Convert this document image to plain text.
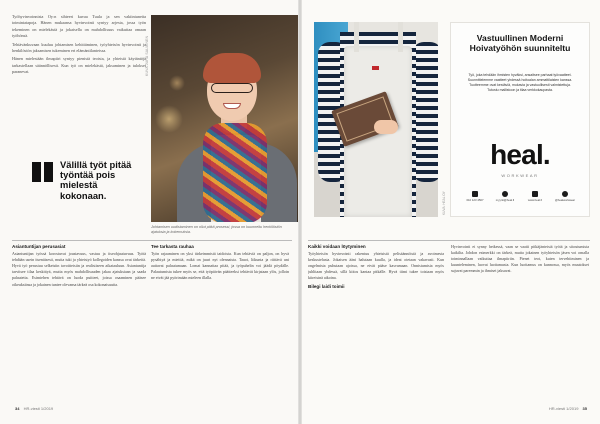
Työhyvinvoinnista Oy:n sihteeri kuvaa Tuula ja sen vakiintuneita toimintatapoja. Hänen mukaansa hyvinvointi syntyy arjesta, jossa työn tekeminen on mielekästä ja jokaisella on mahdollisuus vaikuttaa omaan työhönsä.

Tehtävänkuvaan kuuluu johtamisen kehittäminen, työyhteisön hyvinvointi ja henkilöstön jaksamisen tukeminen eri elämäntilanteissa.

Hänen mielestään ilmapiiri syntyy pienistä teoista, ja yhteisiä käytäntöjä tarkastellaan säännöllisesti. Kun työ on mielekästä, jaksaminen ja tulokset paranevat.	KUVA JUHA SALMINEN
Johtamisen uudistaminen on ollut pitkä prosessi, jossa on kuunneltu henkilöstön ajatuksia ja kokemuksia.
Välillä työt pitää työntää pois mielestä kokonaan.
Asiantuntijan perusasiat

Asiantuntijan työssä korostuvat joustavuus, vastuu ja itseohjautuvuus. Työtä tehdään usein itsenäisesti, mutta tuki ja yhteistyö kollegoiden kanssa ovat tärkeitä. Hyvä työ perustuu selkeisiin tavoitteisiin ja realistiseen aikatauluun. Asiantuntija tarvitsee tilaa keskittyä, mutta myös mahdollisuuden jakaa ajatuksiaan ja saada palautetta. Esimiehen tehtävä on luoda puitteet, joissa osaaminen pääsee oikeuksiinsa ja jokainen tuntee olevansa tärkeä osa kokonaisuutta.

Tee tarkasta rauhaa

Työn rajaaminen on yksi tärkeimmistä taidoista. Kun tehtäviä on paljon, on hyvä pysähtyä ja miettiä, mikä on juuri nyt olennaista. Tauot, liikunta ja riittävä uni auttavat palautumaan. Lomat kannattaa pitää, ja työpuhelin voi jäädä pöydälle. Palautumista tukee myös se, että työpäivän päätteeksi tehtävät kirjataan ylös, jolloin ne eivät jää pyörimään mieleen illalla.

34 HR-viesti 1/2019
KUVA: HEAL OY
Vastuullinen Moderni Hoivatyöhön suunniteltu
Työ, joka tehdään ihmisten hyväksi, ansaitsee parhaat työvaatteet. Suunnittelemme vaatteet yhdessä hoitoalan ammattilaisten kanssa. Tuotteemme ovat kestäviä, mukavia ja vastuullisesti valmistettuja. Tutustu mallistoon ja tilaa verkkokaupasta.
heal.
WORKWEAR
010 123 4567	myynti@heal.fi	www.heal.fi	@healworkwear
Kaikki voidaan löytyminen

Työyhteisön hyvinvointi rakentuu yhteisistä pelisäännöistä ja avoimesta keskustelusta. Jokaisen ääni halutaan kuulla, ja ideat otetaan vakavasti. Kun ongelmista puhutaan ajoissa, ne eivät pääse kasvamaan. Onnistumisia myös juhlitaan yhdessä, sillä kiitos kantaa pitkälle. Hyvä tiimi tukee toisiaan myös kiireisinä aikoina.

Bilegi laidi toimii

Hyvinvointi ei synny hetkessä, vaan se vaatii pitkäjänteistä työtä ja sitoutumista kaikilta. Johdon esimerkki on tärkeä, mutta jokainen työyhteisön jäsen voi omalla toiminnallaan vaikuttaa ilmapiiriin. Pienet teot, kuten tervehtiminen ja kuunteleminen, luovat luottamusta. Kun luottamus on kunnossa, myös muutokset sujuvat paremmin ja ihmiset jaksavat.

HR-viesti 1/2019 35
